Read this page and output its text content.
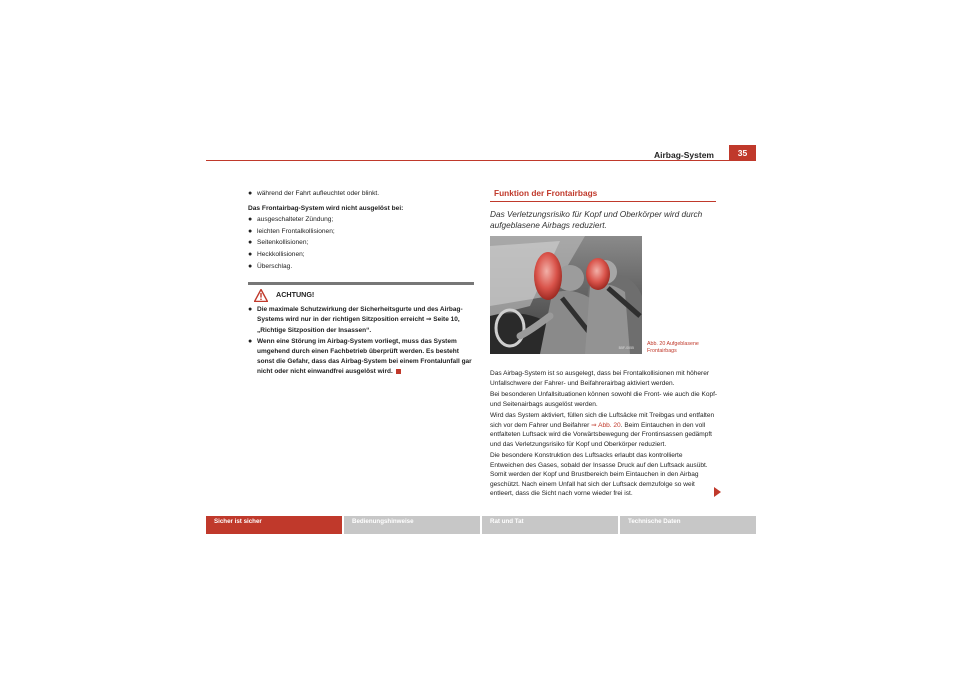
Airbag-System	35
● während der Fahrt aufleuchtet oder blinkt.

Das Frontairbag-System wird nicht ausgelöst bei:

● ausgeschalteter Zündung;
● leichten Frontalkollisionen;
● Seitenkollisionen;
● Heckkollisionen;
● Überschlag.
ACHTUNG!
● Die maximale Schutzwirkung der Sicherheitsgurte und des Airbag-Systems wird nur in der richtigen Sitzposition erreicht ⇒ Seite 10, „Richtige Sitzposition der Insassen“.
● Wenn eine Störung im Airbag-System vorliegt, muss das System umgehend durch einen Fachbetrieb überprüft werden. Es besteht sonst die Gefahr, dass das Airbag-System bei einem Frontalunfall gar nicht oder nicht einwandfrei ausgelöst wird.
Funktion der Frontairbags
Das Verletzungsrisiko für Kopf und Oberkörper wird durch aufgeblasene Airbags reduziert.
B5F-0055
Abb. 20 Aufgeblasene Frontairbags

Das Airbag-System ist so ausgelegt, dass bei Frontalkollisionen mit höherer Unfallschwere der Fahrer- und Beifahrerairbag aktiviert werden.

Bei besonderen Unfallsituationen können sowohl die Front- wie auch die Kopf- und Seitenairbags ausgelöst werden.

Wird das System aktiviert, füllen sich die Luftsäcke mit Treibgas und entfalten sich vor dem Fahrer und Beifahrer ⇒ Abb. 20. Beim Eintauchen in den voll entfalteten Luftsack wird die Vorwärtsbewegung der Frontinsassen gedämpft und das Verletzungsrisiko für Kopf und Oberkörper reduziert.

Die besondere Konstruktion des Luftsacks erlaubt das kontrollierte Entweichen des Gases, sobald der Insasse Druck auf den Luftsack ausübt. Somit werden der Kopf und Brustbereich beim Eintauchen in den Airbag geschützt. Nach einem Unfall hat sich der Luftsack demzufolge so weit entleert, dass die Sicht nach vorne wieder frei ist.

Sicher ist sicher	Bedienungshinweise	Rat und Tat	Technische Daten
